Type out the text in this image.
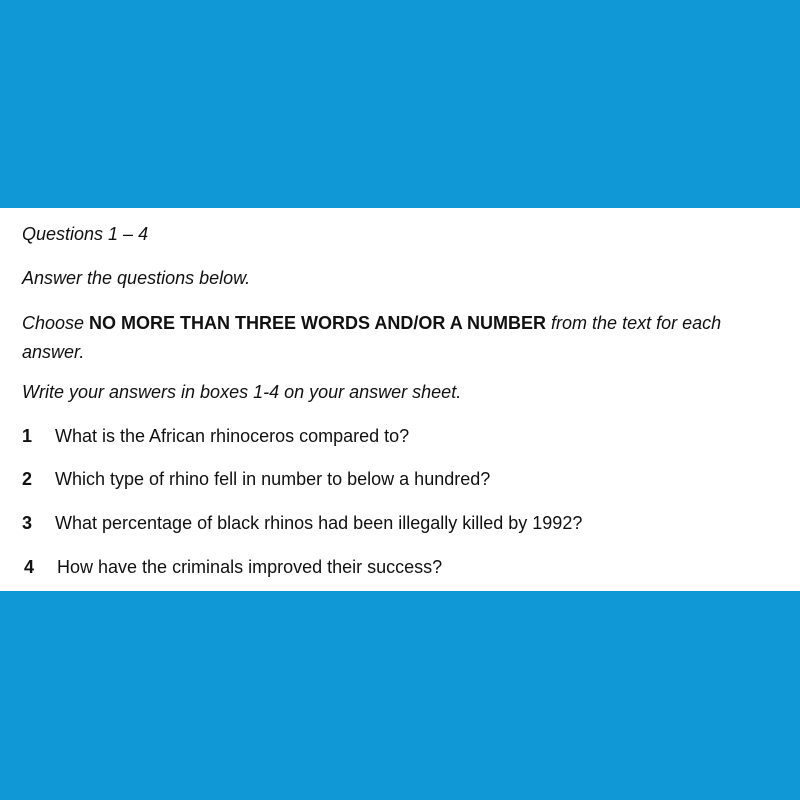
Questions 1 – 4

Answer the questions below.

Choose NO MORE THAN THREE WORDS AND/OR A NUMBER from the text for each answer.

Write your answers in boxes 1-4 on your answer sheet.

1 What is the African rhinoceros compared to?
2 Which type of rhino fell in number to below a hundred?
3 What percentage of black rhinos had been illegally killed by 1992?
4 How have the criminals improved their success?
